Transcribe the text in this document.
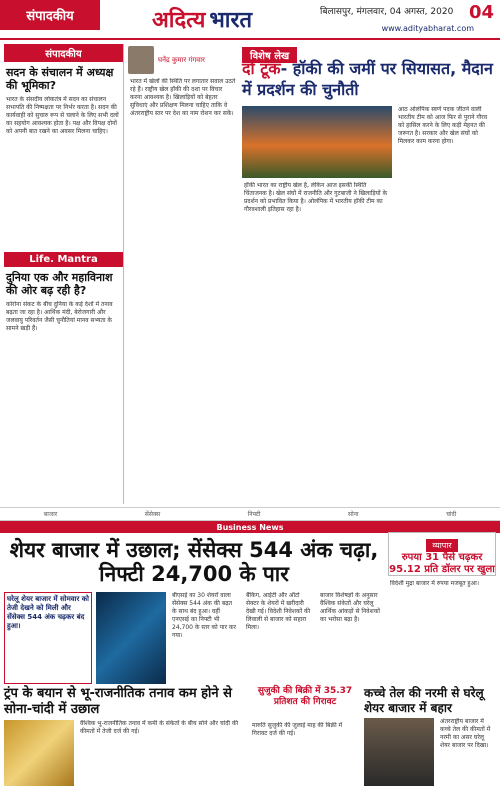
संपादकीय	अदित्य भारत	बिलासपुर, मंगलवार, 04 अगस्त, 2020 04
www.adityabharat.com
संपादकीय
सदन के संचालन में अध्यक्ष की भूमिका?
भारत के संसदीय लोकतंत्र में सदन का संचालन सभापति की निष्पक्षता पर निर्भर करता है। सदन की कार्यवाही को सुचारु रूप से चलाने के लिए सभी दलों का सहयोग आवश्यक होता है। पक्ष और विपक्ष दोनों को अपनी बात रखने का अवसर मिलना चाहिए।
Life. Mantra
दुनिया एक और महाविनाश की ओर बढ़ रही है?
कोरोना संकट के बीच दुनिया के कई देशों में तनाव बढ़ता जा रहा है। आर्थिक मंदी, बेरोजगारी और जलवायु परिवर्तन जैसी चुनौतियां मानव सभ्यता के सामने खड़ी हैं।
घनेंद्र कुमार गंगवार
भारत में खेलों की स्थिति पर लगातार सवाल उठते रहे हैं। राष्ट्रीय खेल हॉकी की दशा पर विचार करना आवश्यक है। खिलाड़ियों को बेहतर सुविधाएं और प्रशिक्षण मिलना चाहिए ताकि वे अंतरराष्ट्रीय स्तर पर देश का नाम रोशन कर सकें।
विशेष लेख
दो टूक- हॉकी की जमीं पर सियासत, मैदान में प्रदर्शन की चुनौती
हॉकी भारत का राष्ट्रीय खेल है, लेकिन आज इसकी स्थिति चिंताजनक है। खेल संघों में राजनीति और गुटबाजी ने खिलाड़ियों के प्रदर्शन को प्रभावित किया है। ओलंपिक में भारतीय हॉकी टीम का गौरवशाली इतिहास रहा है।
आठ ओलंपिक स्वर्ण पदक जीतने वाली भारतीय टीम को आज फिर से पुराने गौरव को हासिल करने के लिए कड़ी मेहनत की जरूरत है। सरकार और खेल संघों को मिलकर काम करना होगा।
बाजार	सेंसेक्स	निफ्टी	सोना	चांदी
Business News
शेयर बाजार में उछाल; सेंसेक्स 544 अंक चढ़ा, निफ्टी 24,700 के पार
व्यापार
रुपया 31 पैसे चढ़कर 95.12 प्रति डॉलर पर खुला
विदेशी मुद्रा बाजार में रुपया मजबूत हुआ।
घरेलू शेयर बाजार में सोमवार को तेजी देखने को मिली और सेंसेक्स 544 अंक चढ़कर बंद हुआ।
बीएसई का 30 शेयरों वाला सेंसेक्स 544 अंक की बढ़त के साथ बंद हुआ। वहीं एनएसई का निफ्टी भी 24,700 के स्तर को पार कर गया।
बैंकिंग, आईटी और ऑटो सेक्टर के शेयरों में खरीदारी देखी गई। विदेशी निवेशकों की लिवाली से बाजार को सहारा मिला।
बाजार विशेषज्ञों के अनुसार वैश्विक संकेतों और घरेलू आर्थिक आंकड़ों से निवेशकों का भरोसा बढ़ा है।
ट्रंप के बयान से भू-राजनीतिक तनाव कम होने से सोना-चांदी में उछाल
वैश्विक भू-राजनीतिक तनाव में कमी के संकेतों के बीच सोने और चांदी की कीमतों में तेजी दर्ज की गई।
सुजुकी की बिक्री में 35.37 प्रतिशत की गिरावट
मारुति सुजुकी की जुलाई माह की बिक्री में गिरावट दर्ज की गई।
कच्चे तेल की नरमी से घरेलू शेयर बाजार में बहार
अंतरराष्ट्रीय बाजार में कच्चे तेल की कीमतों में नरमी का असर घरेलू शेयर बाजार पर दिखा।
